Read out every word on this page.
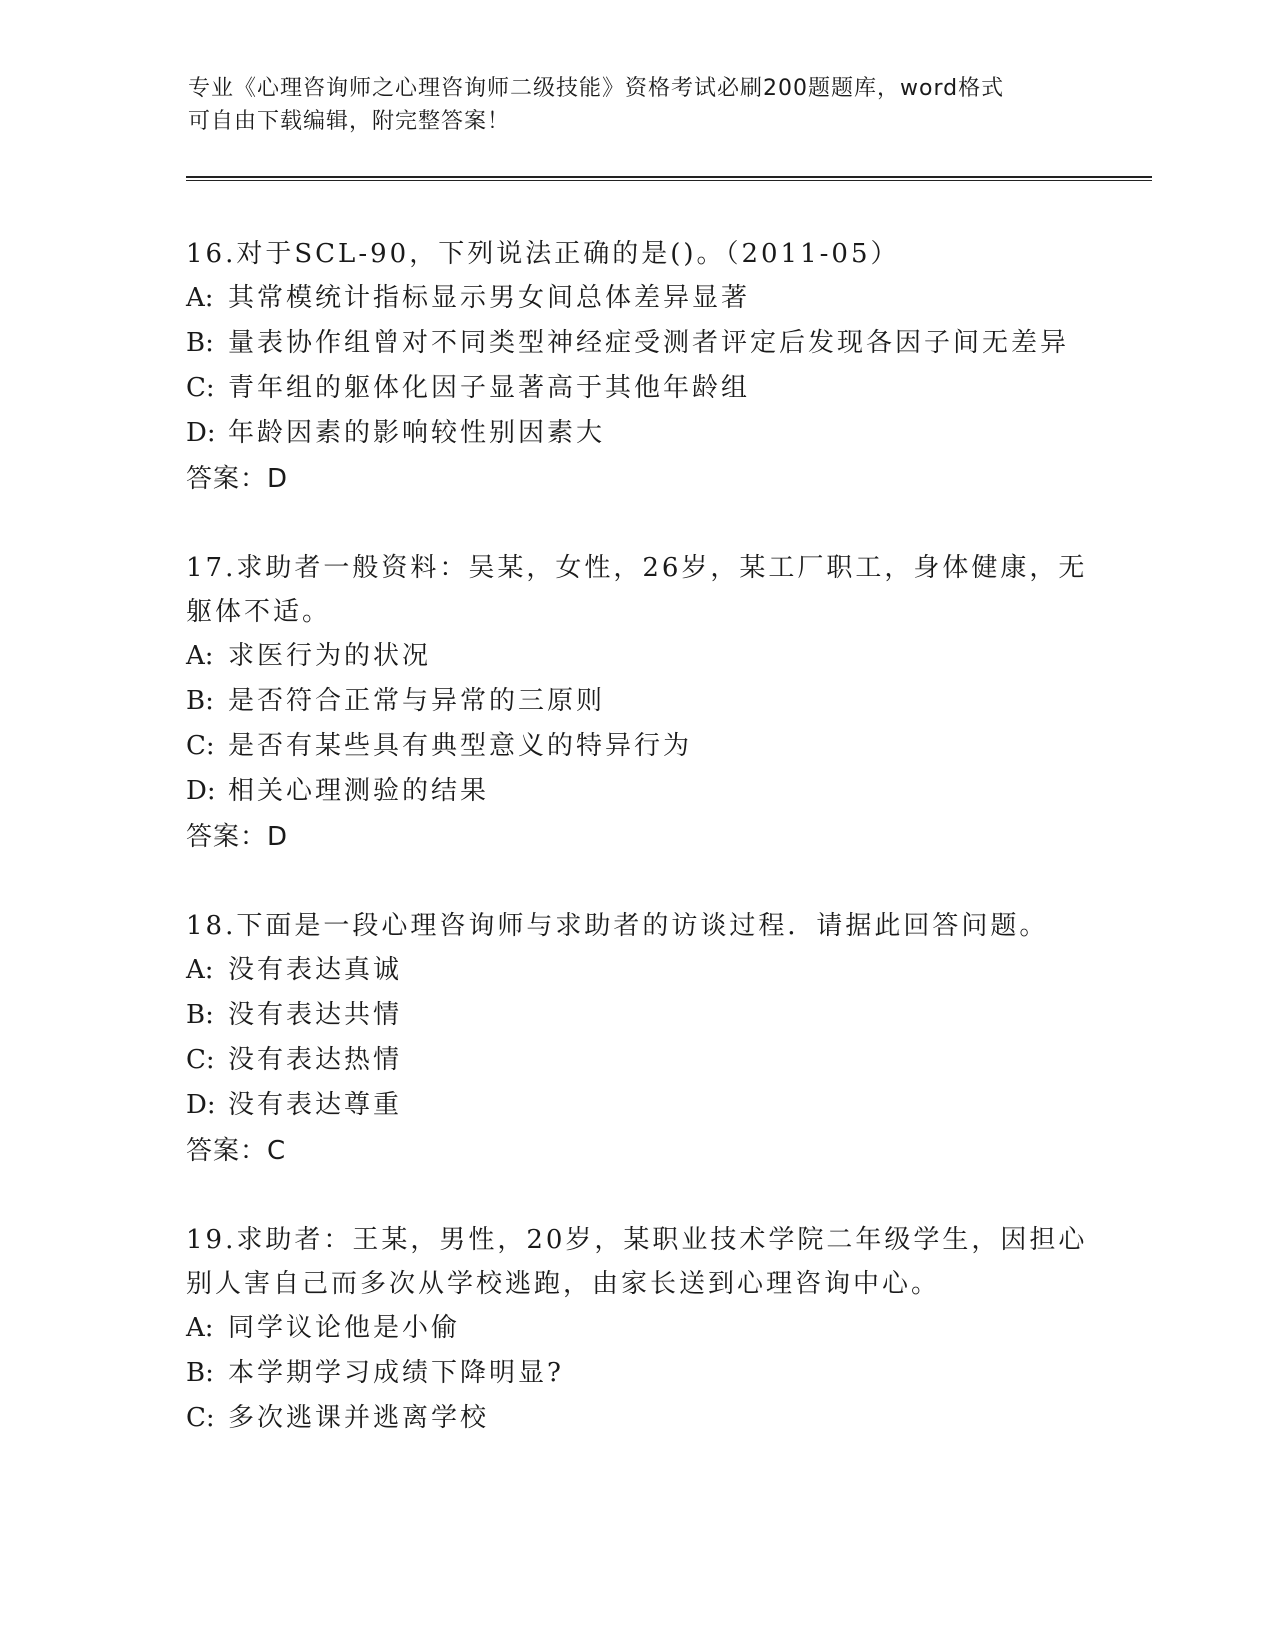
专业《心理咨询师之心理咨询师二级技能》资格考试必刷200题题库，word格式
可自由下载编辑，附完整答案！
16.对于SCL-90，下列说法正确的是()。（2011-05）
A: 其常模统计指标显示男女间总体差异显著
B: 量表协作组曾对不同类型神经症受测者评定后发现各因子间无差异
C: 青年组的躯体化因子显著高于其他年龄组
D: 年龄因素的影响较性别因素大
答案：D
17.求助者一般资料：吴某，女性，26岁，某工厂职工，身体健康，无
躯体不适。
A: 求医行为的状况
B: 是否符合正常与异常的三原则
C: 是否有某些具有典型意义的特异行为
D: 相关心理测验的结果
答案：D
18.下面是一段心理咨询师与求助者的访谈过程．请据此回答问题。
A: 没有表达真诚
B: 没有表达共情
C: 没有表达热情
D: 没有表达尊重
答案：C
19.求助者：王某，男性，20岁，某职业技术学院二年级学生，因担心
别人害自己而多次从学校逃跑，由家长送到心理咨询中心。
A: 同学议论他是小偷
B: 本学期学习成绩下降明显?
C: 多次逃课并逃离学校
